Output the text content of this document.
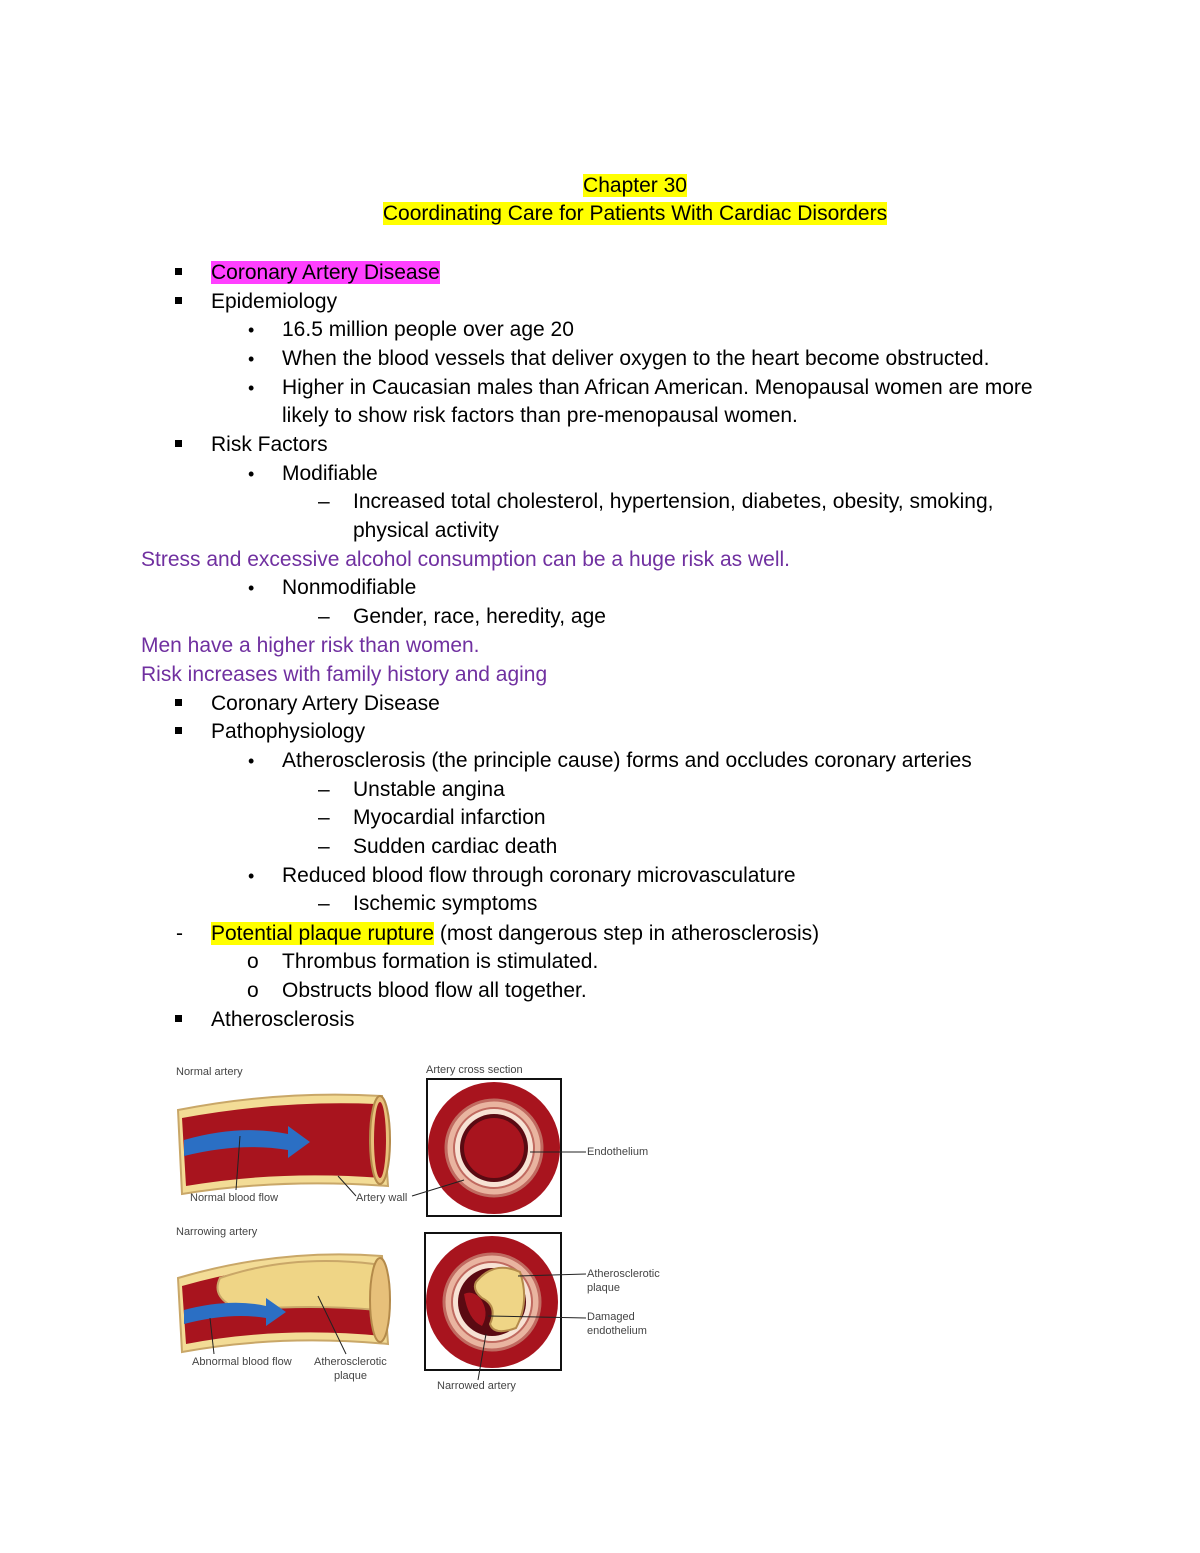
Chapter 30
Coordinating Care for Patients With Cardiac Disorders
Coronary Artery Disease
Epidemiology
• 16.5 million people over age 20
• When the blood vessels that deliver oxygen to the heart become obstructed.
• Higher in Caucasian males than African American. Menopausal women are more
likely to show risk factors than pre-menopausal women.
Risk Factors
• Modifiable
– Increased total cholesterol, hypertension, diabetes, obesity, smoking,
physical activity
Stress and excessive alcohol consumption can be a huge risk as well.
• Nonmodifiable
– Gender, race, heredity, age
Men have a higher risk than women.
Risk increases with family history and aging
Coronary Artery Disease
Pathophysiology
• Atherosclerosis (the principle cause) forms and occludes coronary arteries
– Unstable angina
– Myocardial infarction
– Sudden cardiac death
• Reduced blood flow through coronary microvasculature
– Ischemic symptoms
- Potential plaque rupture (most dangerous step in atherosclerosis)
o Thrombus formation is stimulated.
o Obstructs blood flow all together.
Atherosclerosis
Normal artery	Artery cross section
Normal blood flow	Artery wall
Endothelium
Narrowing artery
Abnormal blood flow Atherosclerotic
plaque
Atherosclerotic
plaque
Damaged
endothelium
Narrowed artery
